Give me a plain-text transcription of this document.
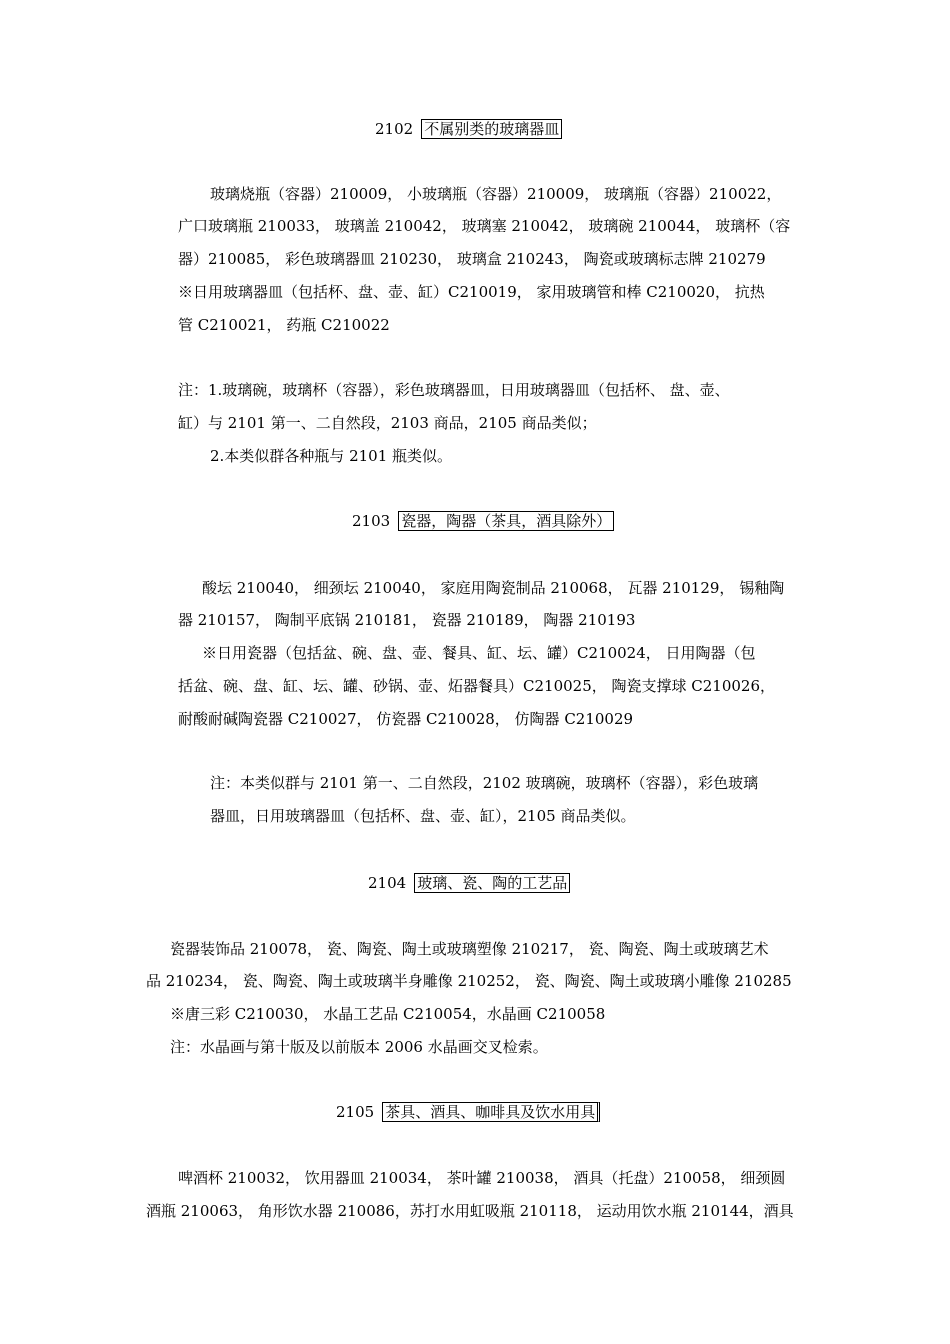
2102 不属别类的玻璃器皿
玻璃烧瓶（容器）210009， 小玻璃瓶（容器）210009， 玻璃瓶（容器）210022，
广口玻璃瓶 210033， 玻璃盖 210042， 玻璃塞 210042， 玻璃碗 210044， 玻璃杯（容
器）210085， 彩色玻璃器皿 210230， 玻璃盒 210243， 陶瓷或玻璃标志牌 210279
※日用玻璃器皿（包括杯、盘、壶、缸）C210019， 家用玻璃管和棒 C210020， 抗热
管 C210021， 药瓶 C210022
注：1.玻璃碗，玻璃杯（容器），彩色玻璃器皿，日用玻璃器皿（包括杯、 盘、壶、
缸）与 2101 第一、二自然段，2103 商品，2105 商品类似；
2.本类似群各种瓶与 2101 瓶类似。
2103 瓷器，陶器（茶具，酒具除外）
酸坛 210040， 细颈坛 210040， 家庭用陶瓷制品 210068， 瓦器 210129， 锡釉陶
器 210157， 陶制平底锅 210181， 瓷器 210189， 陶器 210193
※日用瓷器（包括盆、碗、盘、壶、餐具、缸、坛、罐）C210024， 日用陶器（包
括盆、碗、盘、缸、坛、罐、砂锅、壶、炻器餐具）C210025， 陶瓷支撑球 C210026，
耐酸耐碱陶瓷器 C210027， 仿瓷器 C210028， 仿陶器 C210029
注：本类似群与 2101 第一、二自然段，2102 玻璃碗，玻璃杯（容器），彩色玻璃
器皿，日用玻璃器皿（包括杯、盘、壶、缸），2105 商品类似。
2104 玻璃、瓷、陶的工艺品
瓷器装饰品 210078， 瓷、陶瓷、陶土或玻璃塑像 210217， 瓷、陶瓷、陶土或玻璃艺术
品 210234， 瓷、陶瓷、陶土或玻璃半身雕像 210252， 瓷、陶瓷、陶土或玻璃小雕像 210285
※唐三彩 C210030， 水晶工艺品 C210054，水晶画 C210058
注：水晶画与第十版及以前版本 2006 水晶画交叉检索。
2105 茶具、酒具、咖啡具及饮水用具
啤酒杯 210032， 饮用器皿 210034， 茶叶罐 210038， 酒具（托盘）210058， 细颈圆
酒瓶 210063， 角形饮水器 210086，苏打水用虹吸瓶 210118， 运动用饮水瓶 210144，酒具
